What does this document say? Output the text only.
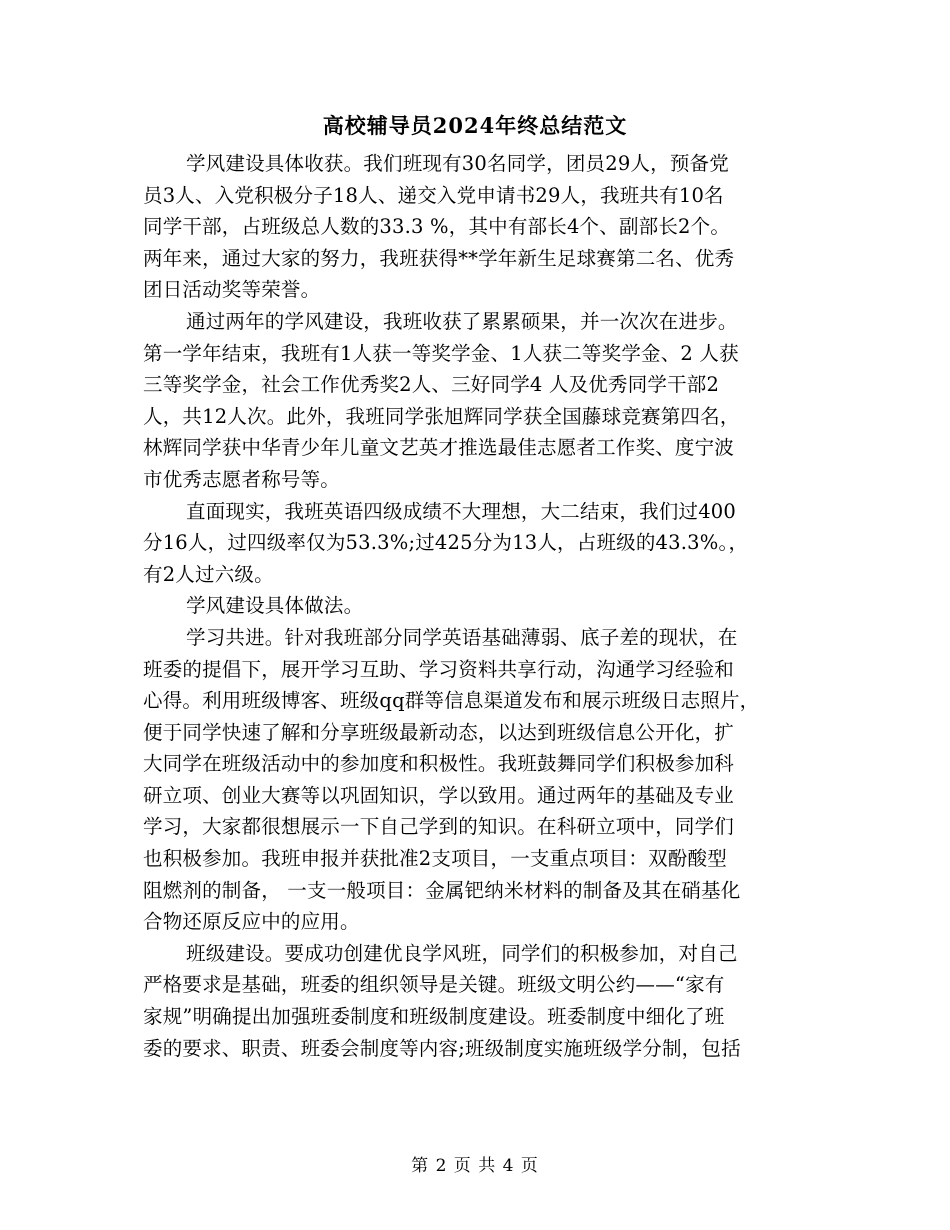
高校辅导员2024年终总结范文
学风建设具体收获。我们班现有30名同学，团员29人，预备党
员3人、入党积极分子18人、递交入党申请书29人，我班共有10名
同学干部，占班级总人数的33.3 %，其中有部长4个、副部长2个。
两年来，通过大家的努力，我班获得**学年新生足球赛第二名、优秀
团日活动奖等荣誉。
通过两年的学风建设，我班收获了累累硕果，并一次次在进步。
第一学年结束，我班有1人获一等奖学金、1人获二等奖学金、2 人获
三等奖学金，社会工作优秀奖2人、三好同学4 人及优秀同学干部2
人，共12人次。此外，我班同学张旭辉同学获全国藤球竞赛第四名，
林辉同学获中华青少年儿童文艺英才推选最佳志愿者工作奖、度宁波
市优秀志愿者称号等。
直面现实，我班英语四级成绩不大理想，大二结束，我们过400
分16人，过四级率仅为53.3%;过425分为13人，占班级的43.3%。，
有2人过六级。
学风建设具体做法。
学习共进。针对我班部分同学英语基础薄弱、底子差的现状，在
班委的提倡下，展开学习互助、学习资料共享行动，沟通学习经验和
心得。利用班级博客、班级qq群等信息渠道发布和展示班级日志照片，
便于同学快速了解和分享班级最新动态，以达到班级信息公开化，扩
大同学在班级活动中的参加度和积极性。我班鼓舞同学们积极参加科
研立项、创业大赛等以巩固知识，学以致用。通过两年的基础及专业
学习，大家都很想展示一下自己学到的知识。在科研立项中，同学们
也积极参加。我班申报并获批准2支项目，一支重点项目：双酚酸型
阻燃剂的制备， 一支一般项目：金属钯纳米材料的制备及其在硝基化
合物还原反应中的应用。
班级建设。要成功创建优良学风班，同学们的积极参加，对自己
严格要求是基础，班委的组织领导是关键。班级文明公约——“家有
家规”明确提出加强班委制度和班级制度建设。班委制度中细化了班
委的要求、职责、班委会制度等内容;班级制度实施班级学分制，包括
第 2 页 共 4 页
